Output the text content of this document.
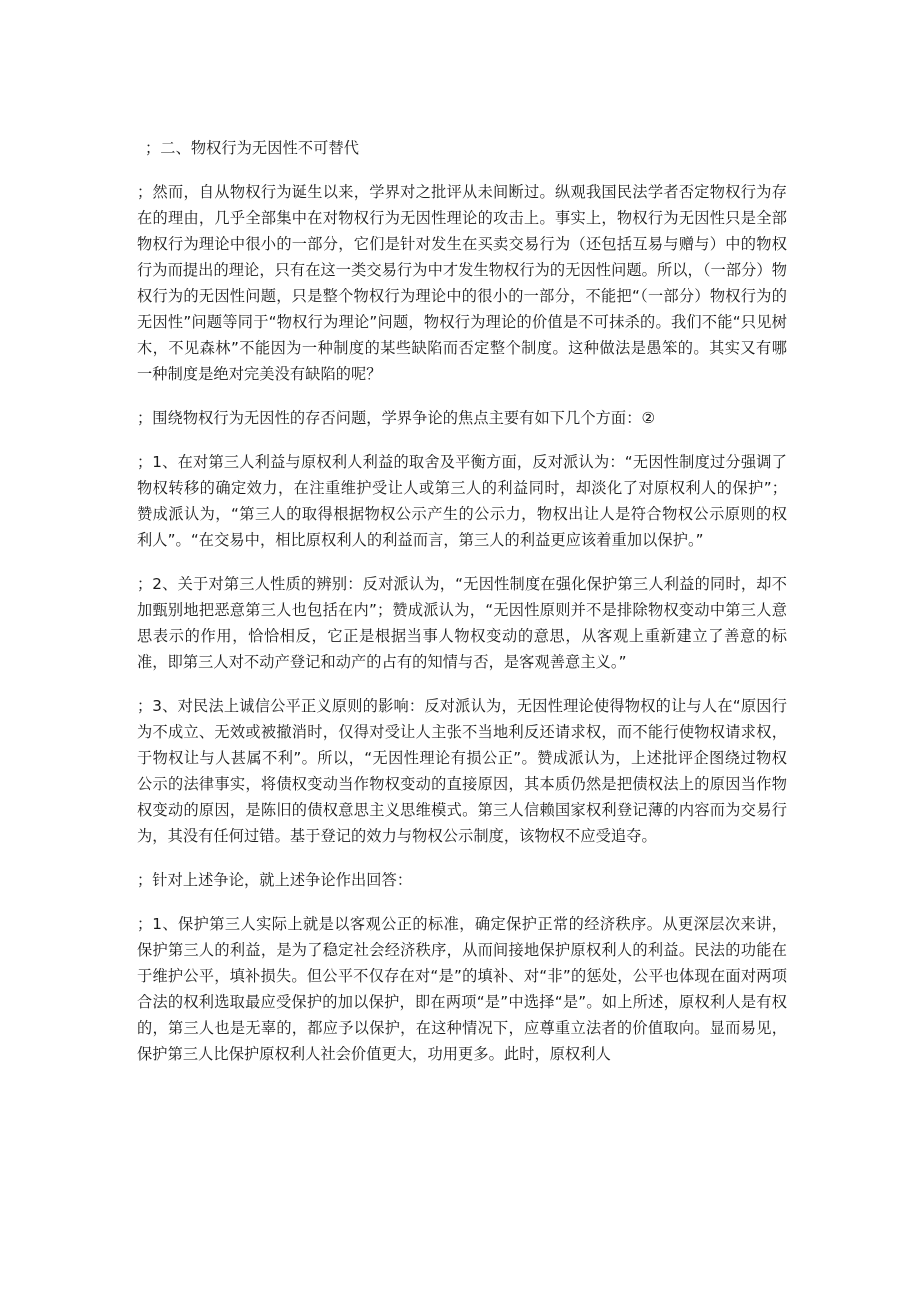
；二、物权行为无因性不可替代

；然而，自从物权行为诞生以来，学界对之批评从未间断过。纵观我国民法学者否定物权行为存在的理由，几乎全部集中在对物权行为无因性理论的攻击上。事实上，物权行为无因性只是全部物权行为理论中很小的一部分，它们是针对发生在买卖交易行为（还包括互易与赠与）中的物权行为而提出的理论，只有在这一类交易行为中才发生物权行为的无因性问题。所以，（一部分）物权行为的无因性问题，只是整个物权行为理论中的很小的一部分，不能把“（一部分）物权行为的无因性”问题等同于“物权行为理论”问题，物权行为理论的价值是不可抹杀的。我们不能“只见树木，不见森林”不能因为一种制度的某些缺陷而否定整个制度。这种做法是愚笨的。其实又有哪一种制度是绝对完美没有缺陷的呢？

；围绕物权行为无因性的存否问题，学界争论的焦点主要有如下几个方面：②

；1、在对第三人利益与原权利人利益的取舍及平衡方面，反对派认为：“无因性制度过分强调了物权转移的确定效力，在注重维护受让人或第三人的利益同时，却淡化了对原权利人的保护”；赞成派认为，“第三人的取得根据物权公示产生的公示力，物权出让人是符合物权公示原则的权利人”。“在交易中，相比原权利人的利益而言，第三人的利益更应该着重加以保护。”

；2、关于对第三人性质的辨别：反对派认为，“无因性制度在强化保护第三人利益的同时，却不加甄别地把恶意第三人也包括在内”；赞成派认为，“无因性原则并不是排除物权变动中第三人意思表示的作用，恰恰相反，它正是根据当事人物权变动的意思，从客观上重新建立了善意的标准，即第三人对不动产登记和动产的占有的知情与否，是客观善意主义。”

；3、对民法上诚信公平正义原则的影响：反对派认为，无因性理论使得物权的让与人在“原因行为不成立、无效或被撤消时，仅得对受让人主张不当地利反还请求权，而不能行使物权请求权，于物权让与人甚属不利”。所以，“无因性理论有损公正”。赞成派认为，上述批评企图绕过物权公示的法律事实，将债权变动当作物权变动的直接原因，其本质仍然是把债权法上的原因当作物权变动的原因，是陈旧的债权意思主义思维模式。第三人信赖国家权利登记薄的内容而为交易行为，其没有任何过错。基于登记的效力与物权公示制度，该物权不应受追夺。

；针对上述争论，就上述争论作出回答：

；1、保护第三人实际上就是以客观公正的标准，确定保护正常的经济秩序。从更深层次来讲，保护第三人的利益，是为了稳定社会经济秩序，从而间接地保护原权利人的利益。民法的功能在于维护公平，填补损失。但公平不仅存在对“是”的填补、对“非”的惩处，公平也体现在面对两项合法的权利选取最应受保护的加以保护，即在两项“是”中选择“是”。如上所述，原权利人是有权的，第三人也是无辜的，都应予以保护，在这种情况下，应尊重立法者的价值取向。显而易见，保护第三人比保护原权利人社会价值更大，功用更多。此时，原权利人
